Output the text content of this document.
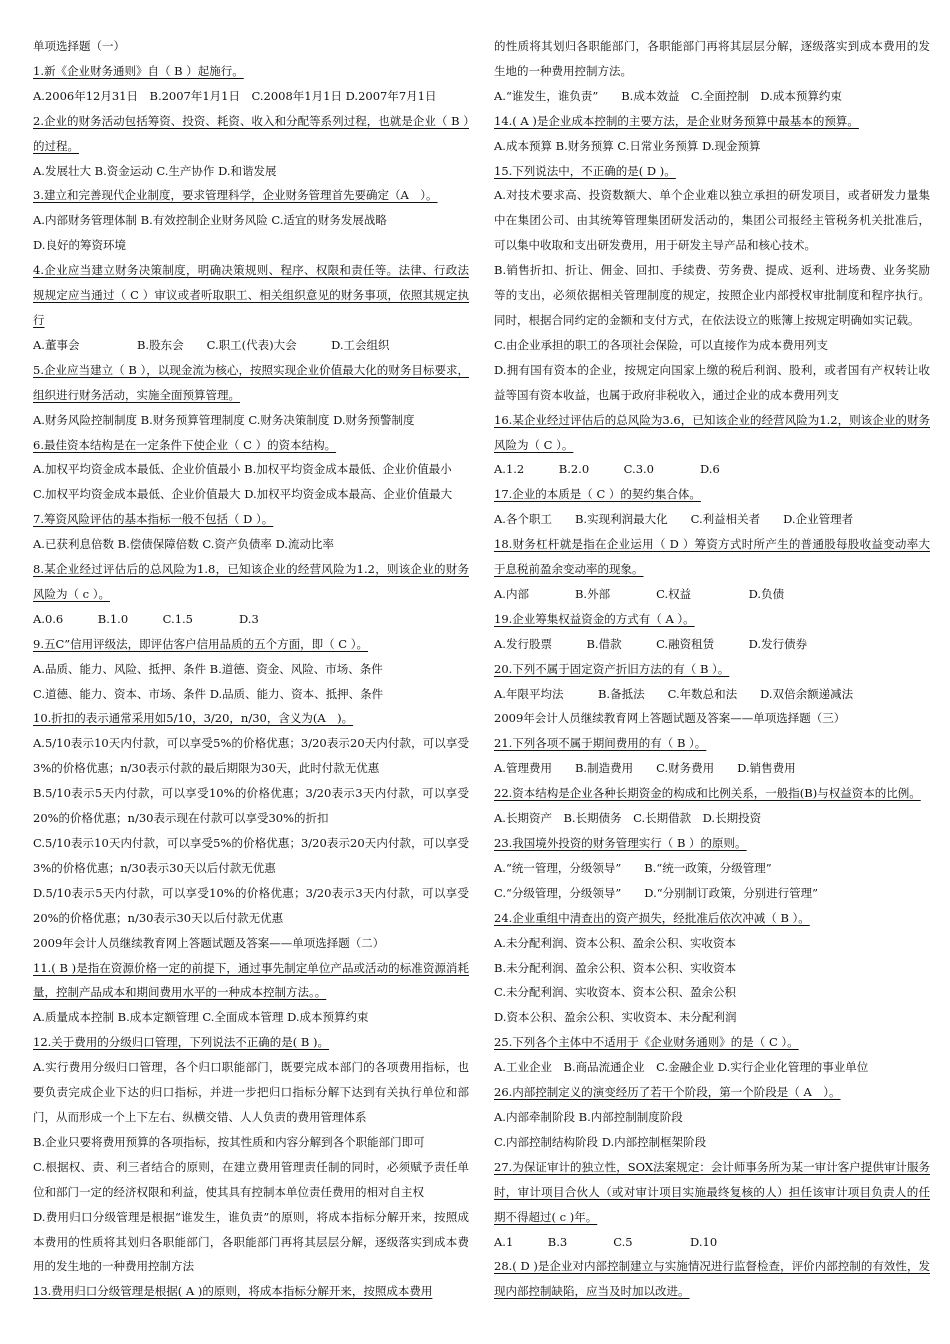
单项选择题（一）

1.新《企业财务通则》自（ B ）起施行。

A.2006年12月31日　B.2007年1月1日　C.2008年1月1日 D.2007年7月1日

2.企业的财务活动包括筹资、投资、耗资、收入和分配等系列过程，也就是企业（ B ）的过程。

A.发展壮大 B.资金运动 C.生产协作 D.和谐发展

3.建立和完善现代企业制度，要求管理科学，企业财务管理首先要确定（A　）。

A.内部财务管理体制 B.有效控制企业财务风险 C.适宜的财务发展战略

D.良好的筹资环境

4.企业应当建立财务决策制度，明确决策规则、程序、权限和责任等。法律、行政法规规定应当通过（ C ）审议或者听取职工、相关组织意见的财务事项，依照其规定执行

A.董事会　　　　　B.股东会　　C.职工(代表)大会　　　D.工会组织

5.企业应当建立（ B ），以现金流为核心，按照实现企业价值最大化的财务目标要求，组织进行财务活动，实施全面预算管理。

A.财务风险控制制度 B.财务预算管理制度 C.财务决策制度 D.财务预警制度

6.最佳资本结构是在一定条件下使企业（ C ）的资本结构。

A.加权平均资金成本最低、企业价值最小 B.加权平均资金成本最低、企业价值最小

C.加权平均资金成本最低、企业价值最大 D.加权平均资金成本最高、企业价值最大

7.筹资风险评估的基本指标一般不包括（ D ）。

A.已获利息倍数 B.偿债保障倍数 C.资产负债率 D.流动比率

8.某企业经过评估后的总风险为1.8，已知该企业的经营风险为1.2，则该企业的财务风险为（ c ）。

A.0.6　　　B.1.0　　　C.1.5　　　　D.3

9.五C”信用评级法，即评估客户信用品质的五个方面，即（ C ）。

A.品质、能力、风险、抵押、条件 B.道德、资金、风险、市场、条件

C.道德、能力、资本、市场、条件 D.品质、能力、资本、抵押、条件

10.折扣的表示通常采用如5/10，3/20，n/30，含义为(A　)。

A.5/10表示10天内付款，可以享受5%的价格优惠；3/20表示20天内付款，可以享受3%的价格优惠；n/30表示付款的最后期限为30天，此时付款无优惠

B.5/10表示5天内付款，可以享受10%的价格优惠；3/20表示3天内付款，可以享受20%的价格优惠；n/30表示现在付款可以享受30%的折扣

C.5/10表示10天内付款，可以享受5%的价格优惠；3/20表示20天内付款，可以享受3%的价格优惠；n/30表示30天以后付款无优惠

D.5/10表示5天内付款，可以享受10%的价格优惠；3/20表示3天内付款，可以享受20%的价格优惠；n/30表示30天以后付款无优惠

2009年会计人员继续教育网上答题试题及答案——单项选择题（二）

11.( B )是指在资源价格一定的前提下，通过事先制定单位产品或活动的标准资源消耗量，控制产品成本和期间费用水平的一种成本控制方法。。

A.质量成本控制 B.成本定额管理 C.全面成本管理 D.成本预算约束

12.关于费用的分级归口管理，下列说法不正确的是( B )。

A.实行费用分级归口管理，各个归口职能部门，既要完成本部门的各项费用指标，也要负责完成企业下达的归口指标，并进一步把归口指标分解下达到有关执行单位和部门，从而形成一个上下左右、纵横交错、人人负责的费用管理体系

B.企业只要将费用预算的各项指标，按其性质和内容分解到各个职能部门即可

C.根据权、责、利三者结合的原则，在建立费用管理责任制的同时，必须赋予责任单位和部门一定的经济权限和利益，使其具有控制本单位责任费用的相对自主权

D.费用归口分级管理是根据“谁发生，谁负责”的原则，将成本指标分解开来，按照成本费用的性质将其划归各职能部门，各职能部门再将其层层分解，逐级落实到成本费用的发生地的一种费用控制方法

13.费用归口分级管理是根据( A )的原则，将成本指标分解开来，按照成本费用

的性质将其划归各职能部门，各职能部门再将其层层分解，逐级落实到成本费用的发生地的一种费用控制方法。

A.“谁发生，谁负责”　　B.成本效益　C.全面控制　D.成本预算约束

14.( A )是企业成本控制的主要方法，是企业财务预算中最基本的预算。

A.成本预算 B.财务预算 C.日常业务预算 D.现金预算

15.下列说法中，不正确的是( D )。

A.对技术要求高、投资数额大、单个企业难以独立承担的研发项目，或者研发力量集中在集团公司、由其统筹管理集团研发活动的，集团公司报经主管税务机关批准后，可以集中收取和支出研发费用，用于研发主导产品和核心技术。

B.销售折扣、折让、佣金、回扣、手续费、劳务费、提成、返利、进场费、业务奖励等的支出，必须依据相关管理制度的规定，按照企业内部授权审批制度和程序执行。同时，根据合同约定的金额和支付方式，在依法设立的账簿上按规定明确如实记载。

C.由企业承担的职工的各项社会保险，可以直接作为成本费用列支

D.拥有国有资本的企业，按规定向国家上缴的税后利润、股利，或者国有产权转让收益等国有资本收益，也属于政府非税收入，通过企业的成本费用列支

16.某企业经过评估后的总风险为3.6，已知该企业的经营风险为1.2，则该企业的财务风险为（ C ）。

A.1.2　　　B.2.0　　　C.3.0　　　　D.6

17.企业的本质是（ C ）的契约集合体。

A.各个职工　　B.实现利润最大化　　C.利益相关者　　D.企业管理者

18.财务杠杆就是指在企业运用（ D ）筹资方式时所产生的普通股每股收益变动率大于息税前盈余变动率的现象。

A.内部　　　　B.外部　　　　C.权益　　　　　D.负债

19.企业筹集权益资金的方式有（ A ）。

A.发行股票　　　B.借款　　　C.融资租赁　　　D.发行债券

20.下列不属于固定资产折旧方法的有（ B ）。

A.年限平均法　　　B.备抵法　　C.年数总和法　　D.双倍余额递减法

2009年会计人员继续教育网上答题试题及答案——单项选择题（三）

21.下列各项不属于期间费用的有（ B ）。

A.管理费用　　B.制造费用　　C.财务费用　　D.销售费用

22.资本结构是企业各种长期资金的构成和比例关系，一般指(B)与权益资本的比例。

A.长期资产　B.长期债务　C.长期借款　D.长期投资

23.我国境外投资的财务管理实行（ B ）的原则。

A.“统一管理，分级领导”　　B.“统一政策，分级管理”

C.“分级管理，分级领导”　　D.“分别制订政策，分别进行管理”

24.企业重组中清查出的资产损失，经批准后依次冲减（ B ）。

A.未分配利润、资本公积、盈余公积、实收资本

B.未分配利润、盈余公积、资本公积、实收资本

C.未分配利润、实收资本、资本公积、盈余公积

D.资本公积、盈余公积、实收资本、未分配利润

25.下列各个主体中不适用于《企业财务通则》的是（ C ）。

A.工业企业　B.商品流通企业　C.金融企业 D.实行企业化管理的事业单位

26.内部控制定义的演变经历了若干个阶段，第一个阶段是（ A　）。

A.内部牵制阶段 B.内部控制制度阶段

C.内部控制结构阶段 D.内部控制框架阶段

27.为保证审计的独立性，SOX法案规定：会计师事务所为某一审计客户提供审计服务时，审计项目合伙人（或对审计项目实施最终复核的人）担任该审计项目负责人的任期不得超过( c )年。

A.1　　　B.3　　　　C.5　　　　　D.10

28.( D )是企业对内部控制建立与实施情况进行监督检查，评价内部控制的有效性，发现内部控制缺陷，应当及时加以改进。
